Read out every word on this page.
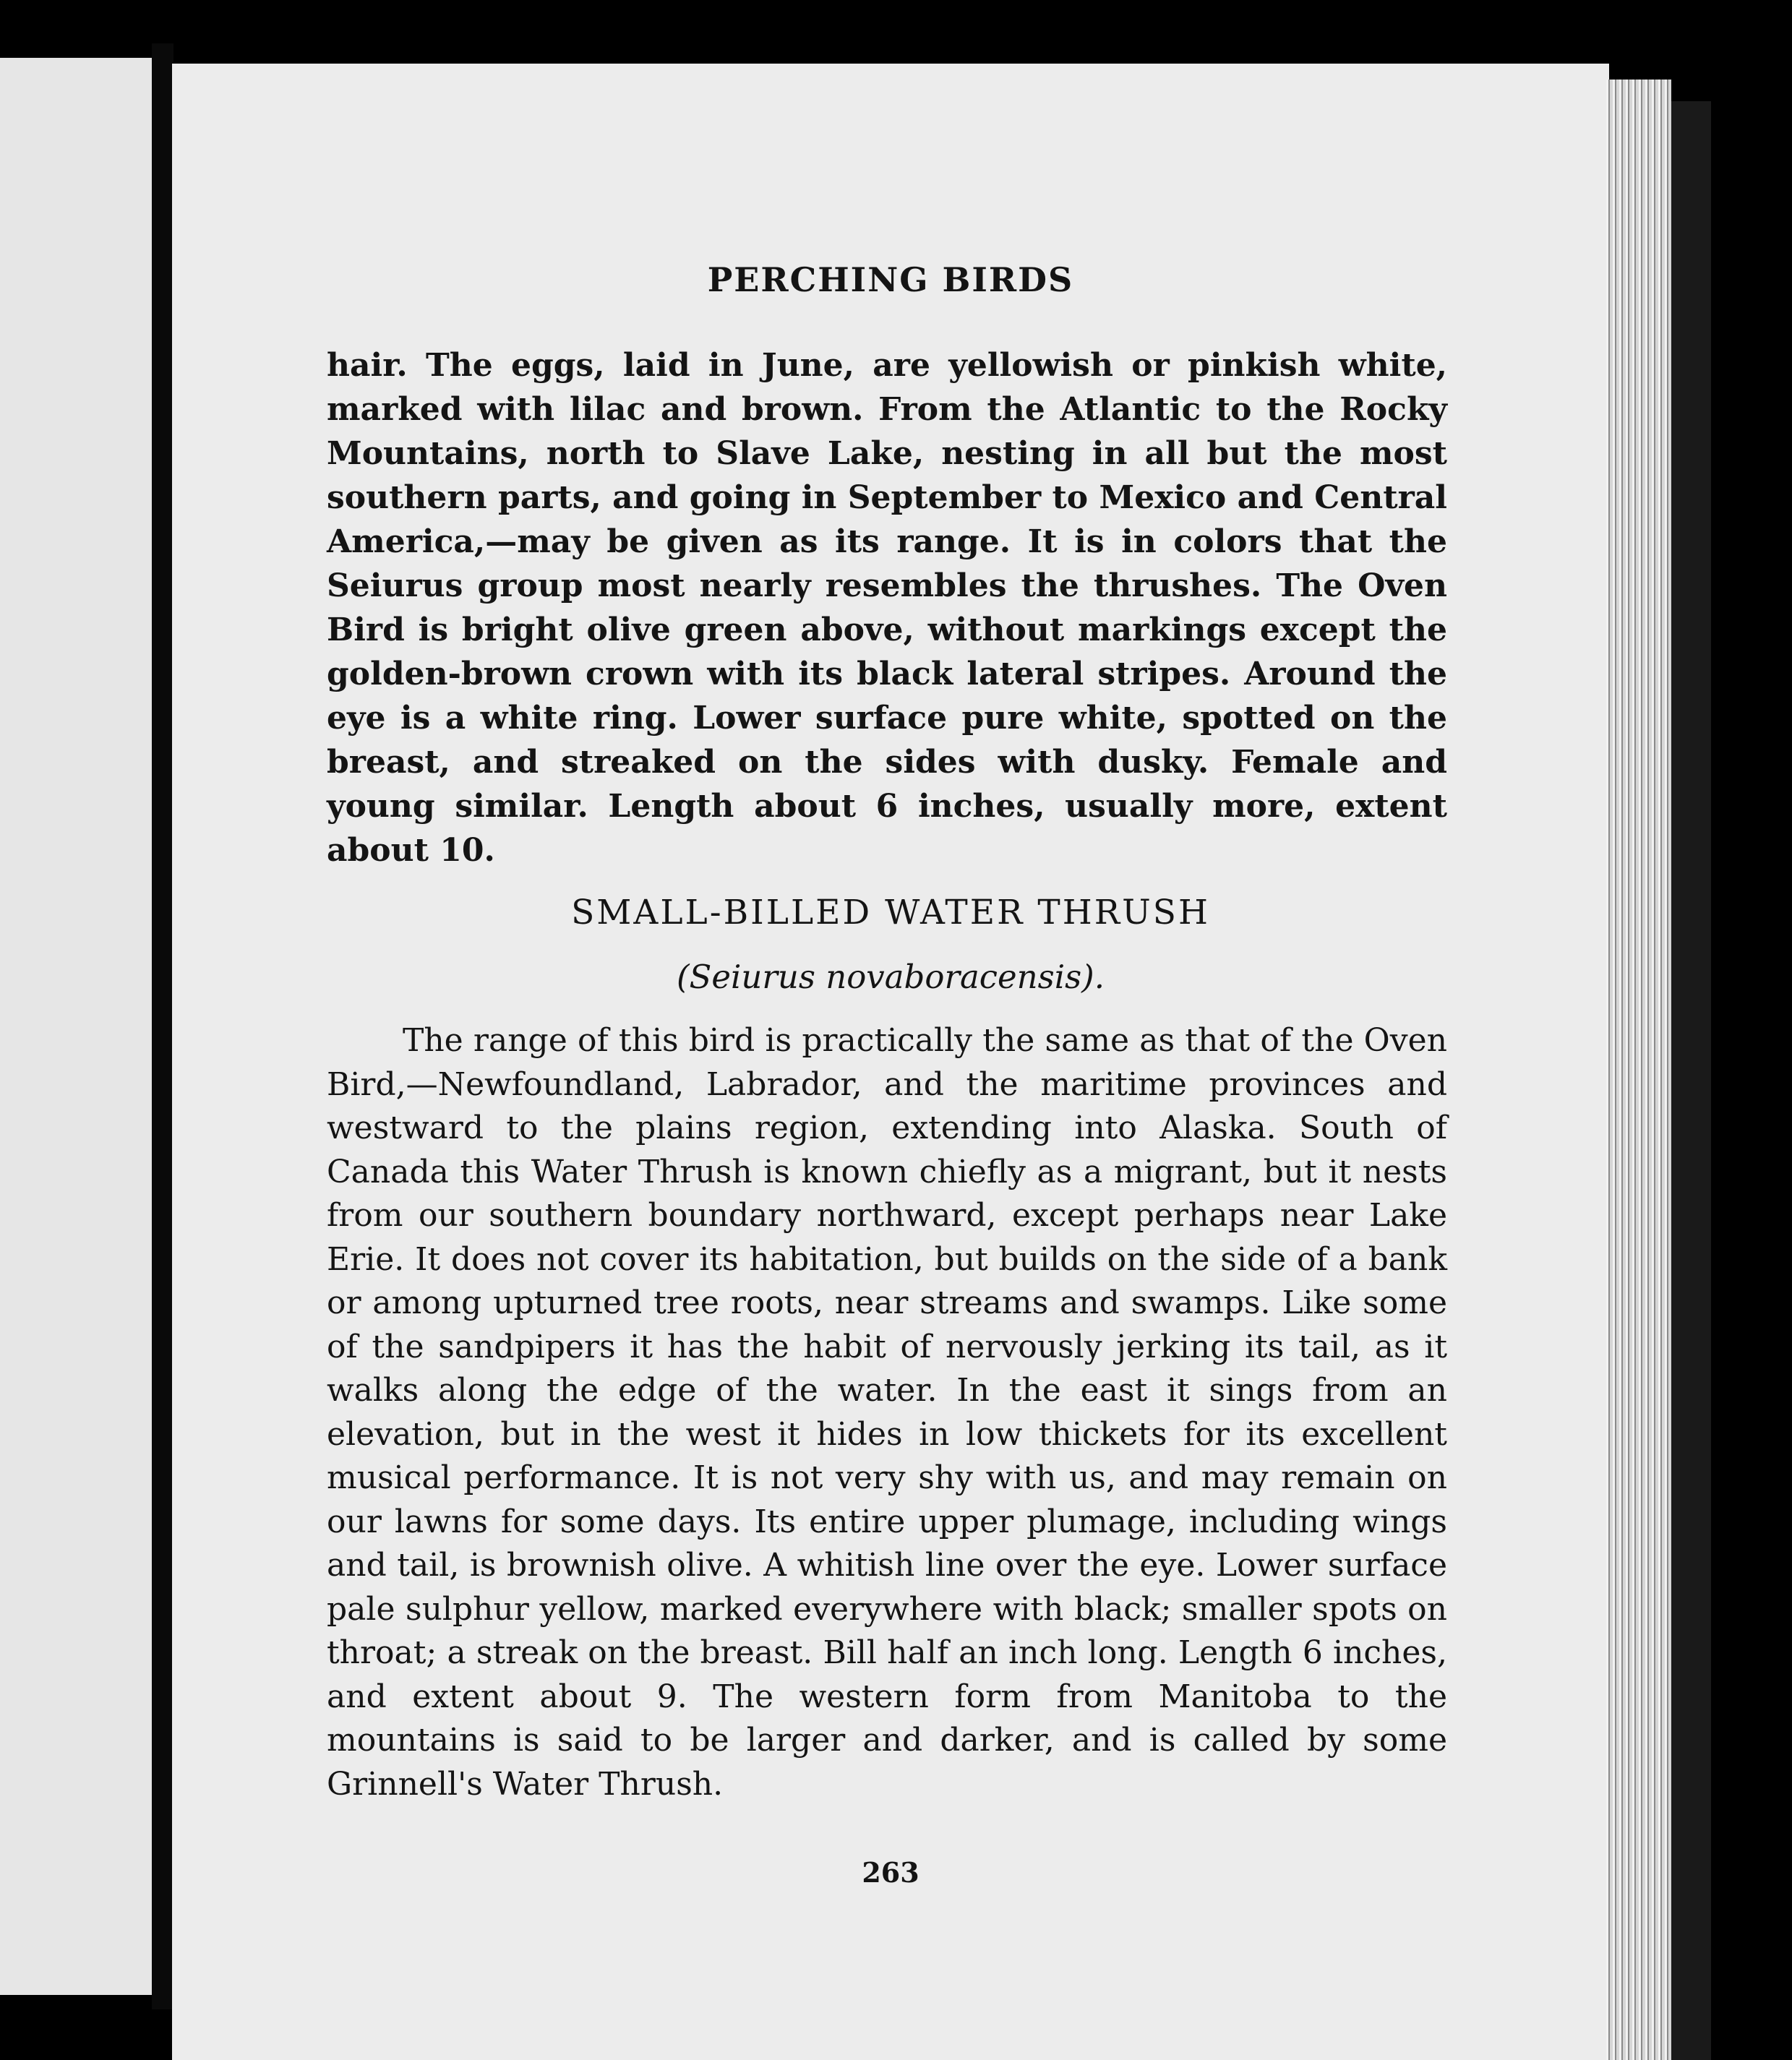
PERCHING BIRDS
hair. The eggs, laid in June, are yellowish or pinkish white, marked with lilac and brown. From the Atlantic to the Rocky Mountains, north to Slave Lake, nesting in all but the most southern parts, and going in September to Mexico and Central America,—may be given as its range. It is in colors that the Seiurus group most nearly resembles the thrushes. The Oven Bird is bright olive green above, without markings except the golden-brown crown with its black lateral stripes. Around the eye is a white ring. Lower surface pure white, spotted on the breast, and streaked on the sides with dusky. Female and young similar. Length about 6 inches, usually more, extent about 10.
SMALL-BILLED WATER THRUSH
(Seiurus novaboracensis).
The range of this bird is practically the same as that of the Oven Bird,—Newfoundland, Labrador, and the maritime provinces and westward to the plains region, extending into Alaska. South of Canada this Water Thrush is known chiefly as a migrant, but it nests from our southern boundary northward, except perhaps near Lake Erie. It does not cover its habitation, but builds on the side of a bank or among upturned tree roots, near streams and swamps. Like some of the sandpipers it has the habit of nervously jerking its tail, as it walks along the edge of the water. In the east it sings from an elevation, but in the west it hides in low thickets for its excellent musical performance. It is not very shy with us, and may remain on our lawns for some days. Its entire upper plumage, including wings and tail, is brownish olive. A whitish line over the eye. Lower surface pale sulphur yellow, marked everywhere with black; smaller spots on throat; a streak on the breast. Bill half an inch long. Length 6 inches, and extent about 9. The western form from Manitoba to the mountains is said to be larger and darker, and is called by some Grinnell's Water Thrush.
263
